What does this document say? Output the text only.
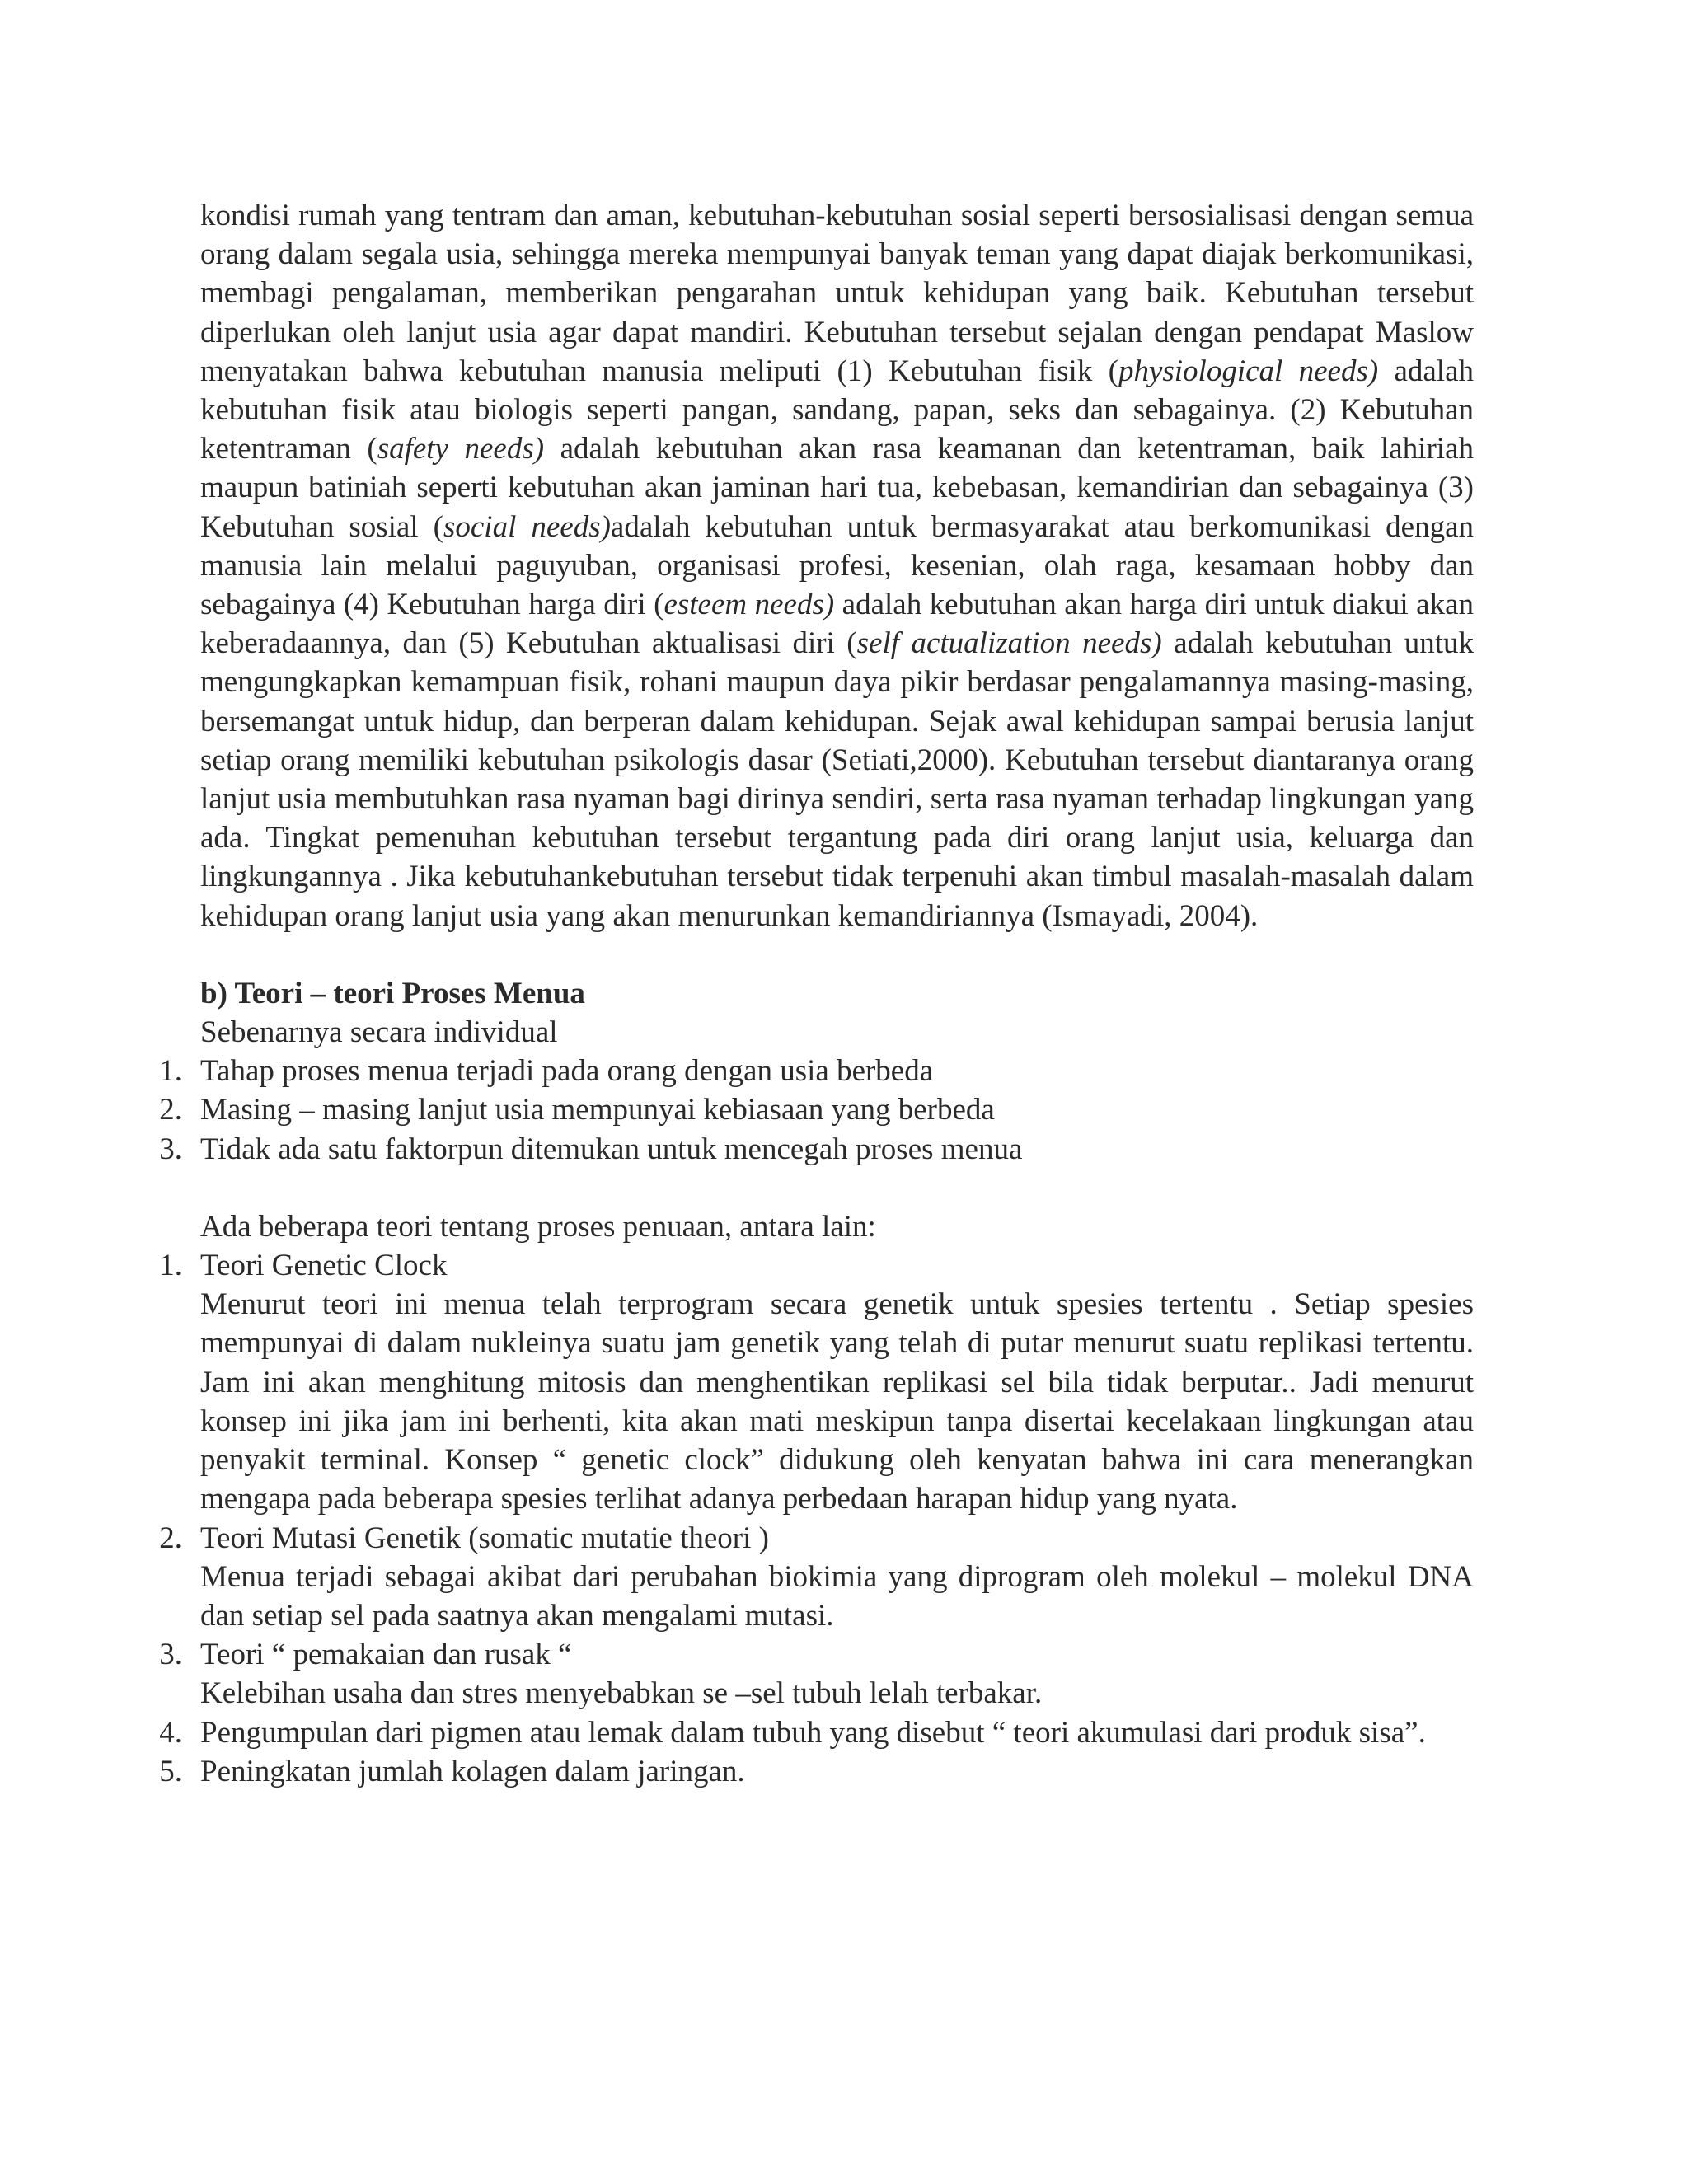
kondisi rumah yang tentram dan aman, kebutuhan-kebutuhan sosial seperti bersosialisasi dengan semua orang dalam segala usia, sehingga mereka mempunyai banyak teman yang dapat diajak berkomunikasi, membagi pengalaman, memberikan pengarahan untuk kehidupan yang baik. Kebutuhan tersebut diperlukan oleh lanjut usia agar dapat mandiri. Kebutuhan tersebut sejalan dengan pendapat Maslow menyatakan bahwa kebutuhan manusia meliputi (1) Kebutuhan fisik (physiological needs) adalah kebutuhan fisik atau biologis seperti pangan, sandang, papan, seks dan sebagainya. (2) Kebutuhan ketentraman (safety needs) adalah kebutuhan akan rasa keamanan dan ketentraman, baik lahiriah maupun batiniah seperti kebutuhan akan jaminan hari tua, kebebasan, kemandirian dan sebagainya (3) Kebutuhan sosial (social needs)adalah kebutuhan untuk bermasyarakat atau berkomunikasi dengan manusia lain melalui paguyuban, organisasi profesi, kesenian, olah raga, kesamaan hobby dan sebagainya (4) Kebutuhan harga diri (esteem needs) adalah kebutuhan akan harga diri untuk diakui akan keberadaannya, dan (5) Kebutuhan aktualisasi diri (self actualization needs) adalah kebutuhan untuk mengungkapkan kemampuan fisik, rohani maupun daya pikir berdasar pengalamannya masing-masing, bersemangat untuk hidup, dan berperan dalam kehidupan. Sejak awal kehidupan sampai berusia lanjut setiap orang memiliki kebutuhan psikologis dasar (Setiati,2000). Kebutuhan tersebut diantaranya orang lanjut usia membutuhkan rasa nyaman bagi dirinya sendiri, serta rasa nyaman terhadap lingkungan yang ada. Tingkat pemenuhan kebutuhan tersebut tergantung pada diri orang lanjut usia, keluarga dan lingkungannya . Jika kebutuhankebutuhan tersebut tidak terpenuhi akan timbul masalah-masalah dalam kehidupan orang lanjut usia yang akan menurunkan kemandiriannya (Ismayadi, 2004).

b) Teori – teori Proses Menua

Sebenarnya secara individual

1. Tahap proses menua terjadi pada orang dengan usia berbeda

2. Masing – masing lanjut usia mempunyai kebiasaan yang berbeda

3. Tidak ada satu faktorpun ditemukan untuk mencegah proses menua

Ada beberapa teori tentang proses penuaan, antara lain:

1. Teori Genetic Clock

Menurut teori ini menua telah terprogram secara genetik untuk spesies tertentu . Setiap spesies mempunyai di dalam nukleinya suatu jam genetik yang telah di putar menurut suatu replikasi tertentu. Jam ini akan menghitung mitosis dan menghentikan replikasi sel bila tidak berputar.. Jadi menurut konsep ini jika jam ini berhenti, kita akan mati meskipun tanpa disertai kecelakaan lingkungan atau penyakit terminal. Konsep “ genetic clock” didukung oleh kenyatan bahwa ini cara menerangkan mengapa pada beberapa spesies terlihat adanya perbedaan harapan hidup yang nyata.

2. Teori Mutasi Genetik (somatic mutatie theori )

Menua terjadi sebagai akibat dari perubahan biokimia yang diprogram oleh molekul – molekul DNA dan setiap sel pada saatnya akan mengalami mutasi.

3. Teori “ pemakaian dan rusak “

Kelebihan usaha dan stres menyebabkan se –sel tubuh lelah terbakar.

4. Pengumpulan dari pigmen atau lemak dalam tubuh yang disebut “ teori akumulasi dari produk sisa”.

5. Peningkatan jumlah kolagen dalam jaringan.
